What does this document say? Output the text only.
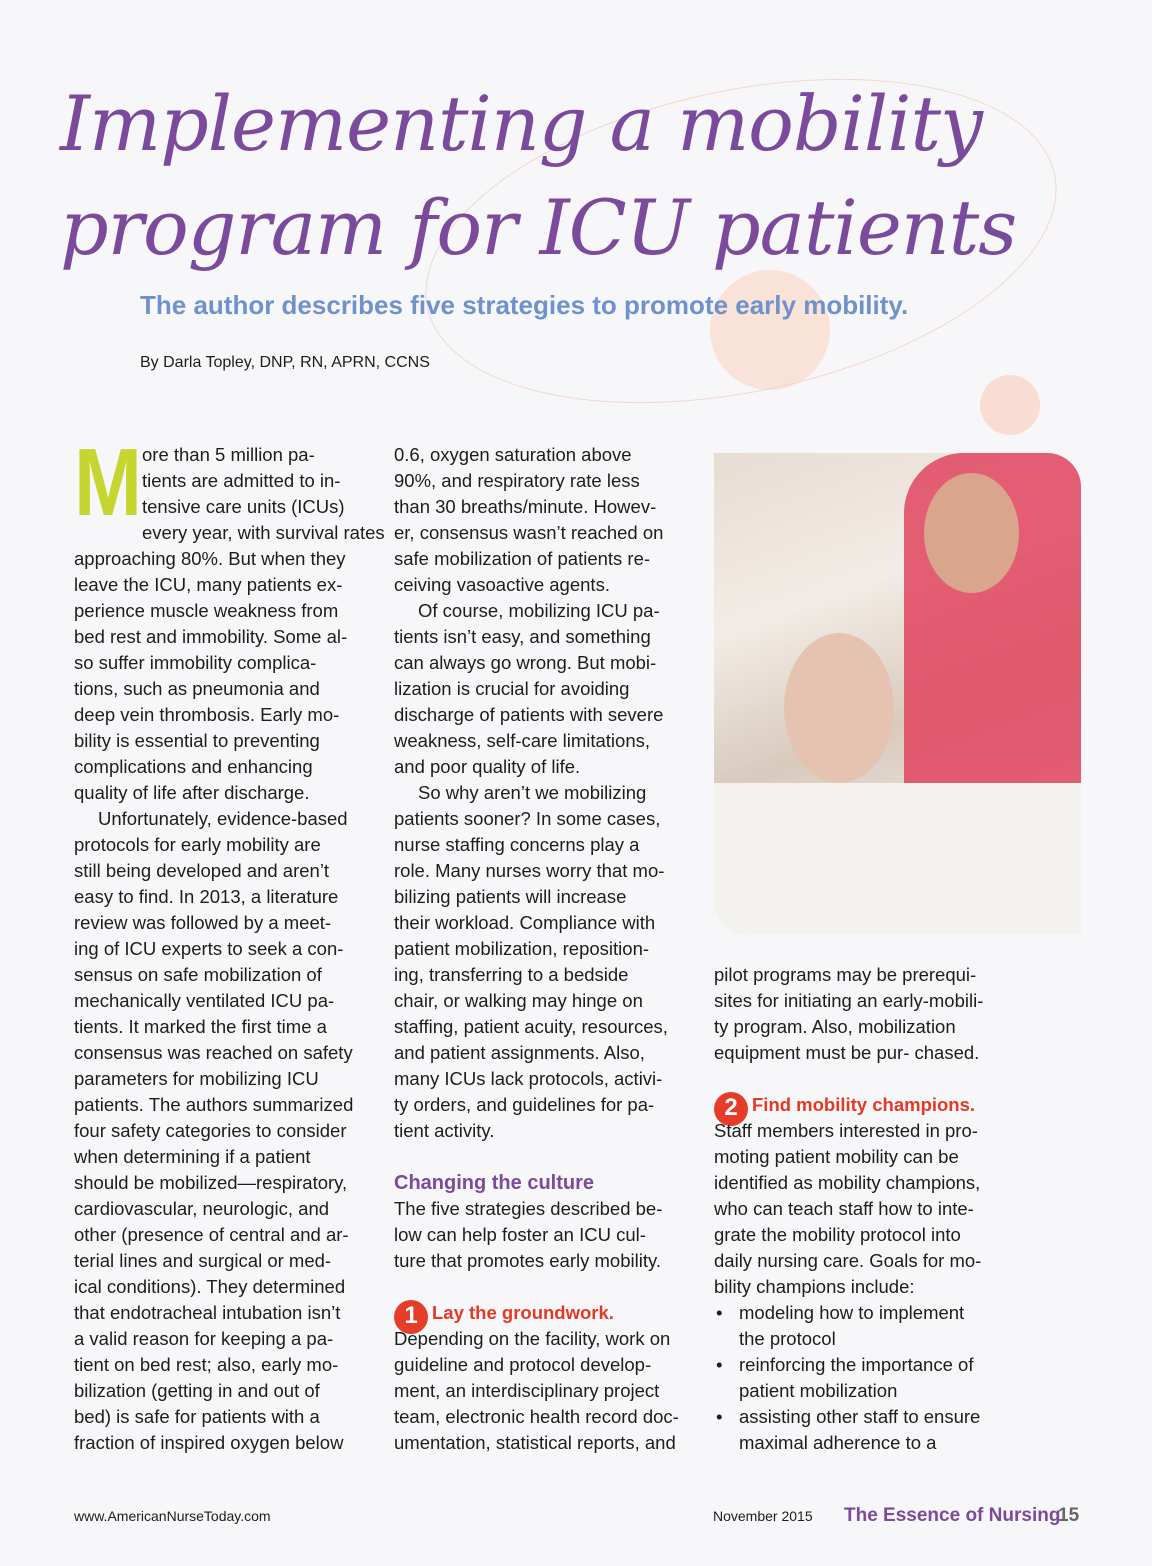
Implementing a mobility
program for ICU patients
The author describes five strategies to promote early mobility.
By Darla Topley, DNP, RN, APRN, CCNS
M ore than 5 million pa-
tients are admitted to in-
tensive care units (ICUs)
every year, with survival rates
approaching 80%. But when they
leave the ICU, many patients ex-
perience muscle weakness from
bed rest and immobility. Some al-
so suffer immobility complica-
tions, such as pneumonia and
deep vein thrombosis. Early mo-
bility is essential to preventing
complications and enhancing
quality of life after discharge.
Unfortunately, evidence-based
protocols for early mobility are
still being developed and aren’t
easy to find. In 2013, a literature
review was followed by a meet-
ing of ICU experts to seek a con-
sensus on safe mobilization of
mechanically ventilated ICU pa-
tients. It marked the first time a
consensus was reached on safety
parameters for mobilizing ICU
patients. The authors summarized
four safety categories to consider
when determining if a patient
should be mobilized—respiratory,
cardiovascular, neurologic, and
other (presence of central and ar-
terial lines and surgical or med-
ical conditions). They determined
that endotracheal intubation isn’t
a valid reason for keeping a pa-
tient on bed rest; also, early mo-
bilization (getting in and out of
bed) is safe for patients with a
fraction of inspired oxygen below
0.6, oxygen saturation above
90%, and respiratory rate less
than 30 breaths/minute. Howev-
er, consensus wasn’t reached on
safe mobilization of patients re-
ceiving vasoactive agents.
Of course, mobilizing ICU pa-
tients isn’t easy, and something
can always go wrong. But mobi-
lization is crucial for avoiding
discharge of patients with severe
weakness, self-care limitations,
and poor quality of life.
So why aren’t we mobilizing
patients sooner? In some cases,
nurse staffing concerns play a
role. Many nurses worry that mo-
bilizing patients will increase
their workload. Compliance with
patient mobilization, reposition-
ing, transferring to a bedside
chair, or walking may hinge on
staffing, patient acuity, resources,
and patient assignments. Also,
many ICUs lack protocols, activi-
ty orders, and guidelines for pa-
tient activity.
Changing the culture
The five strategies described be-
low can help foster an ICU cul-
ture that promotes early mobility.
1 Lay the groundwork.
Depending on the facility, work on
guideline and protocol develop-
ment, an interdisciplinary project
team, electronic health record doc-
umentation, statistical reports, and
pilot programs may be prerequi-
sites for initiating an early-mobili-
ty program. Also, mobilization
equipment must be pur- chased.
2 Find mobility champions.
Staff members interested in pro-
moting patient mobility can be
identified as mobility champions,
who can teach staff how to inte-
grate the mobility protocol into
daily nursing care. Goals for mo-
bility champions include:
• modeling how to implement
the protocol
• reinforcing the importance of
patient mobilization
• assisting other staff to ensure
maximal adherence to a
www.AmericanNurseToday.com	November 2015 The Essence of Nursing
15
